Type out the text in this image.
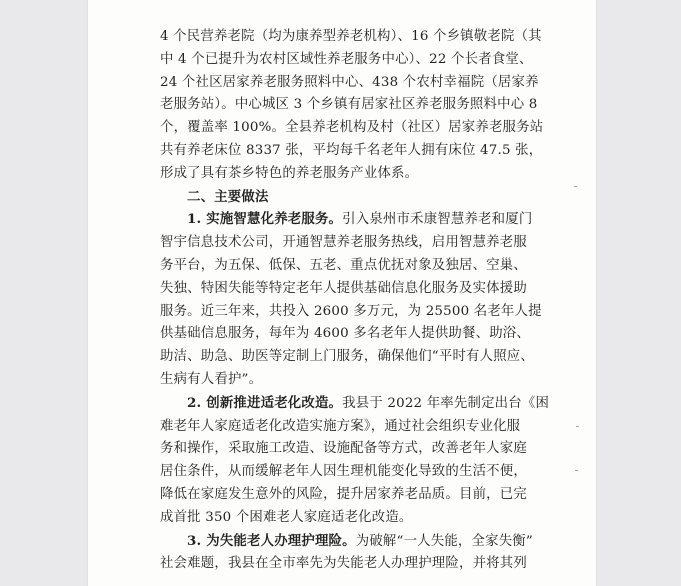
4 个民营养老院（均为康养型养老机构）、16 个乡镇敬老院（其
中 4 个已提升为农村区域性养老服务中心）、22 个长者食堂、
24 个社区居家养老服务照料中心、438 个农村幸福院（居家养
老服务站）。中心城区 3 个乡镇有居家社区养老服务照料中心 8
个，覆盖率 100%。全县养老机构及村（社区）居家养老服务站
共有养老床位 8337 张，平均每千名老年人拥有床位 47.5 张，
形成了具有茶乡特色的养老服务产业体系。
二、主要做法
1. 实施智慧化养老服务。引入泉州市禾康智慧养老和厦门
智宇信息技术公司，开通智慧养老服务热线，启用智慧养老服
务平台，为五保、低保、五老、重点优抚对象及独居、空巢、
失独、特困失能等特定老年人提供基础信息化服务及实体援助
服务。近三年来，共投入 2600 多万元，为 25500 名老年人提
供基础信息服务，每年为 4600 多名老年人提供助餐、助浴、
助洁、助急、助医等定制上门服务，确保他们“平时有人照应、
生病有人看护”。
2. 创新推进适老化改造。我县于 2022 年率先制定出台《困
难老年人家庭适老化改造实施方案》，通过社会组织专业化服
务和操作，采取施工改造、设施配备等方式，改善老年人家庭
居住条件，从而缓解老年人因生理机能变化导致的生活不便，
降低在家庭发生意外的风险，提升居家养老品质。目前，已完
成首批 350 个困难老人家庭适老化改造。
3. 为失能老人办理护理险。为破解“一人失能，全家失衡”
社会难题，我县在全市率先为失能老人办理护理险，并将其列
